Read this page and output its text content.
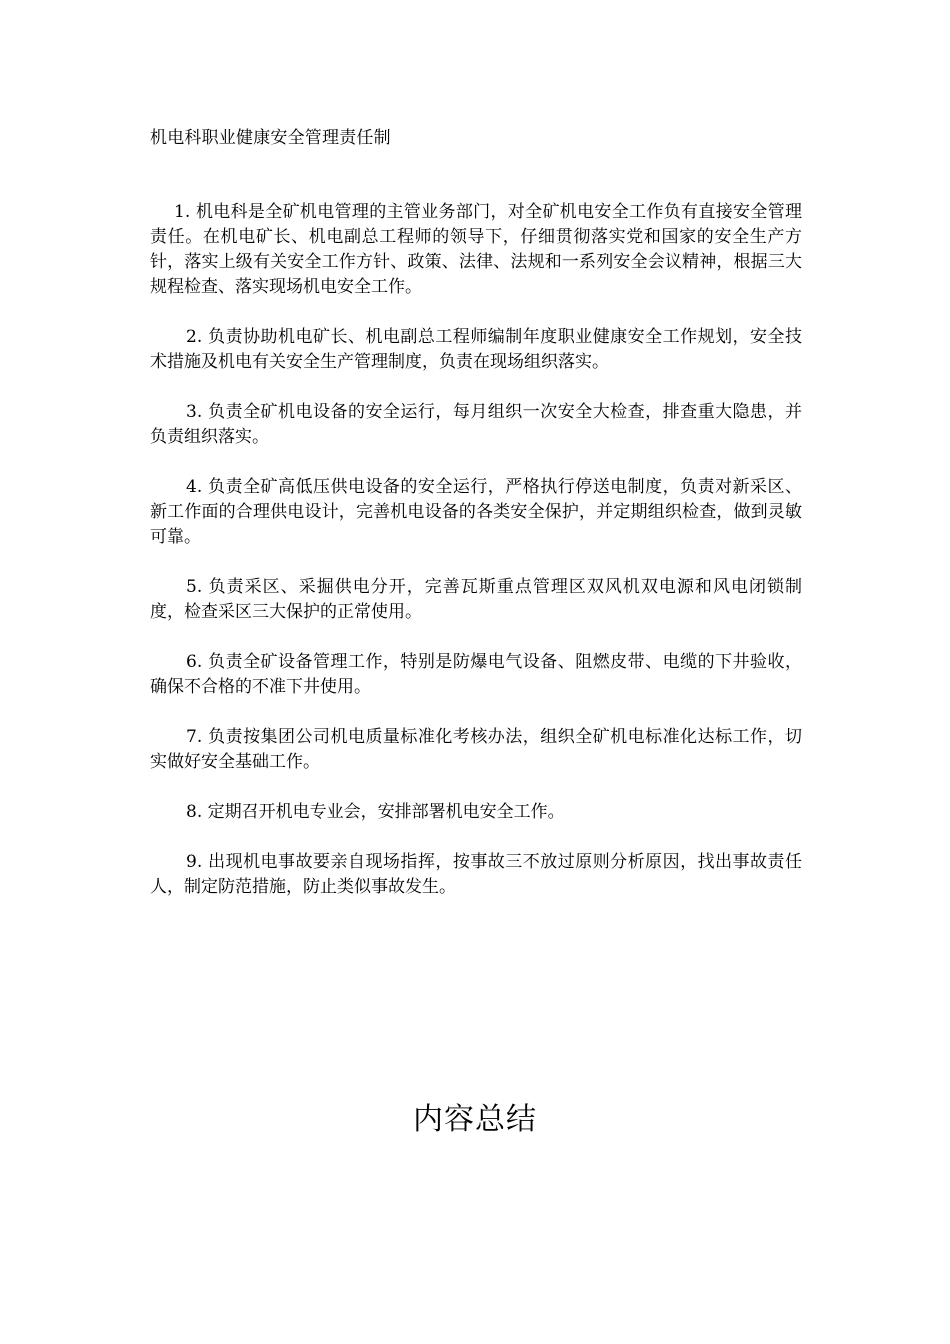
机电科职业健康安全管理责任制

1. 机电科是全矿机电管理的主管业务部门，对全矿机电安全工作负有直接安全管理责任。在机电矿长、机电副总工程师的领导下，仔细贯彻落实党和国家的安全生产方针，落实上级有关安全工作方针、政策、法律、法规和一系列安全会议精神，根据三大规程检查、落实现场机电安全工作。

2. 负责协助机电矿长、机电副总工程师编制年度职业健康安全工作规划，安全技术措施及机电有关安全生产管理制度，负责在现场组织落实。

3. 负责全矿机电设备的安全运行，每月组织一次安全大检查，排查重大隐患，并负责组织落实。

4. 负责全矿高低压供电设备的安全运行，严格执行停送电制度，负责对新采区、新工作面的合理供电设计，完善机电设备的各类安全保护，并定期组织检查，做到灵敏可靠。

5. 负责采区、采掘供电分开，完善瓦斯重点管理区双风机双电源和风电闭锁制度，检查采区三大保护的正常使用。

6. 负责全矿设备管理工作，特别是防爆电气设备、阻燃皮带、电缆的下井验收，确保不合格的不准下井使用。

7. 负责按集团公司机电质量标准化考核办法，组织全矿机电标准化达标工作，切实做好安全基础工作。

8. 定期召开机电专业会，安排部署机电安全工作。

9. 出现机电事故要亲自现场指挥，按事故三不放过原则分析原因，找出事故责任人，制定防范措施，防止类似事故发生。

内容总结
